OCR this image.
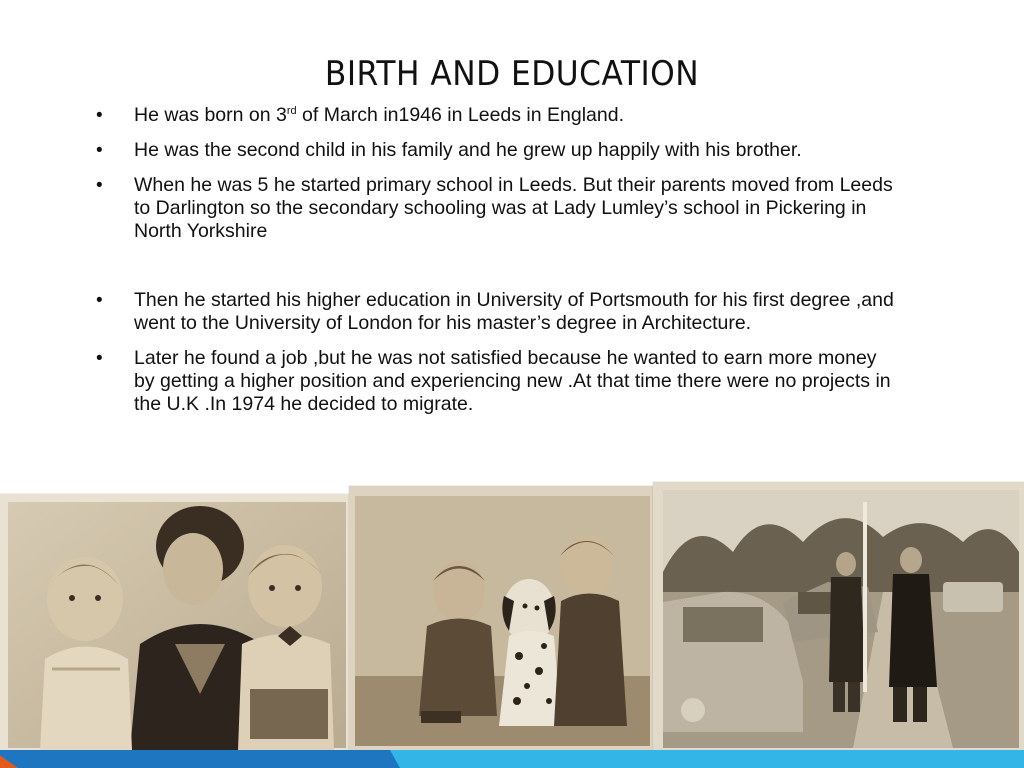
BIRTH AND EDUCATION
• He was born on 3rd of March in1946 in Leeds in England.
• He was the second child in his family and he grew up happily with his brother.
• When he was 5 he started primary school in Leeds. But their parents moved from Leeds to Darlington so the secondary schooling was at Lady Lumley’s school in Pickering in North Yorkshire
• Then he started his higher education in University of Portsmouth for his first degree ,and went to the University of London for his master’s degree in Architecture.
• Later he found a job ,but he was not satisfied because he wanted to earn more money by getting a higher position and experiencing new .At that time there were no projects in the U.K .In 1974 he decided to migrate.
